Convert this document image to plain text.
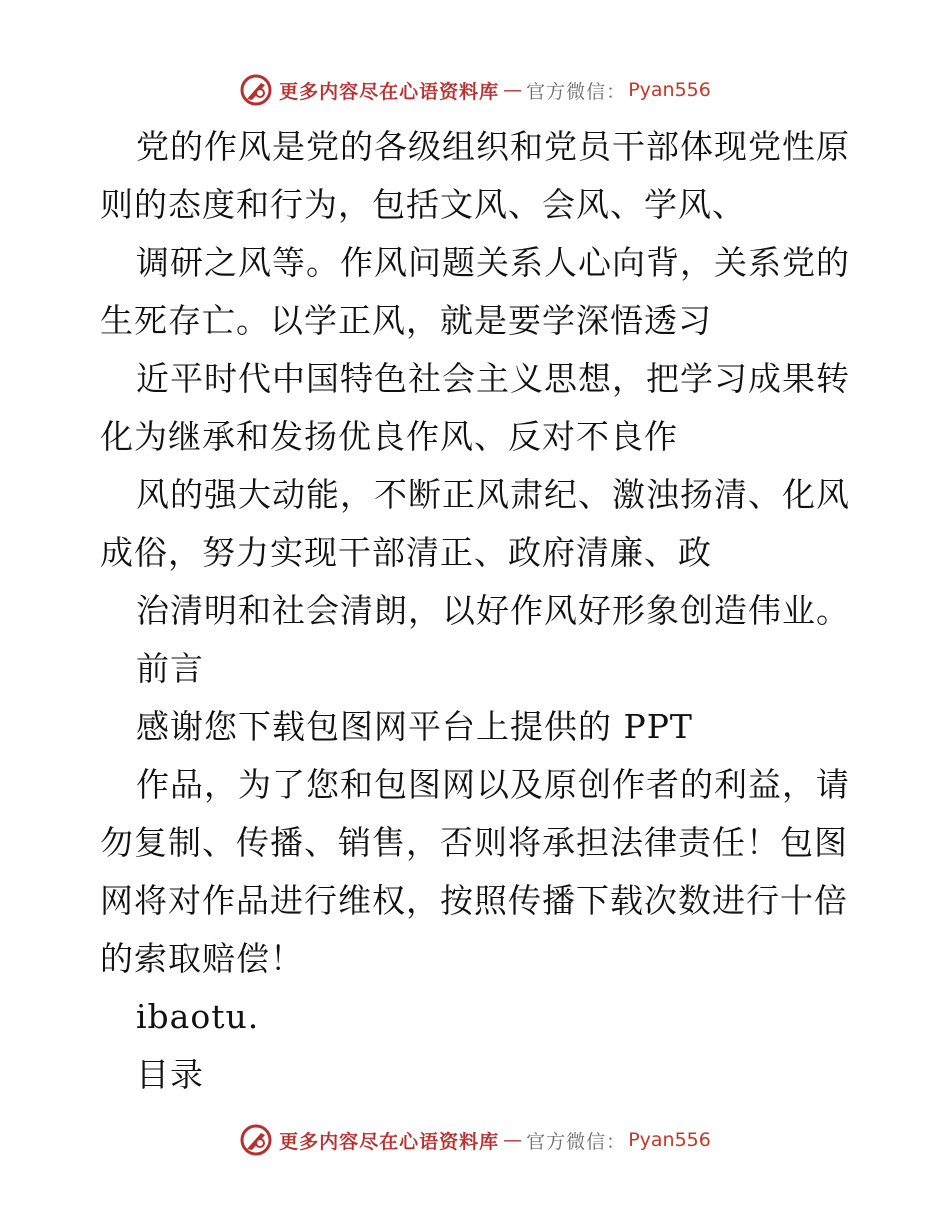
更多内容尽在心语资料库 — 官方微信： Pyan556
党的作风是党的各级组织和党员干部体现党性原
则的态度和行为，包括文风、会风、学风、
调研之风等。作风问题关系人心向背，关系党的
生死存亡。以学正风，就是要学深悟透习
近平时代中国特色社会主义思想，把学习成果转
化为继承和发扬优良作风、反对不良作
风的强大动能，不断正风肃纪、激浊扬清、化风
成俗，努力实现干部清正、政府清廉、政
治清明和社会清朗，以好作风好形象创造伟业。
前言
感谢您下载包图网平台上提供的 PPT
作品，为了您和包图网以及原创作者的利益，请
勿复制、传播、销售，否则将承担法律责任！包图
网将对作品进行维权，按照传播下载次数进行十倍
的索取赔偿！
ibaotu.
目录
更多内容尽在心语资料库 — 官方微信： Pyan556
